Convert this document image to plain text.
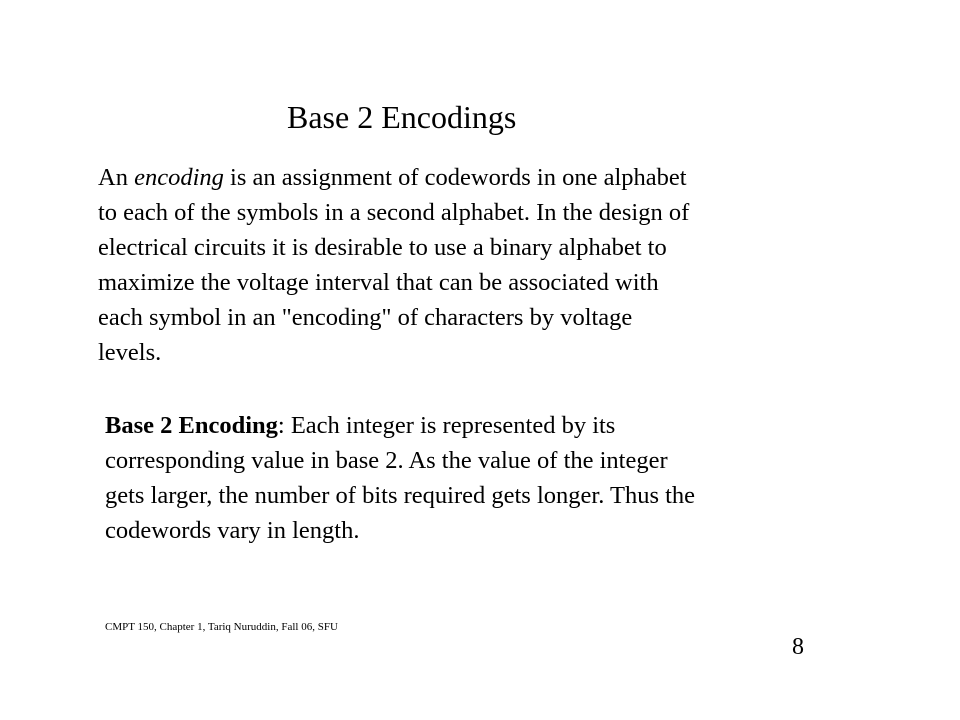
Base 2 Encodings
An encoding is an assignment of codewords in one alphabet
to each of the symbols in a second alphabet. In the design of
electrical circuits it is desirable to use a binary alphabet to
maximize the voltage interval that can be associated with
each symbol in an "encoding" of characters by voltage
levels.
Base 2 Encoding: Each integer is represented by its
corresponding value in base 2. As the value of the integer
gets larger, the number of bits required gets longer. Thus the
codewords vary in length.
CMPT 150, Chapter 1, Tariq Nuruddin, Fall 06, SFU
8
